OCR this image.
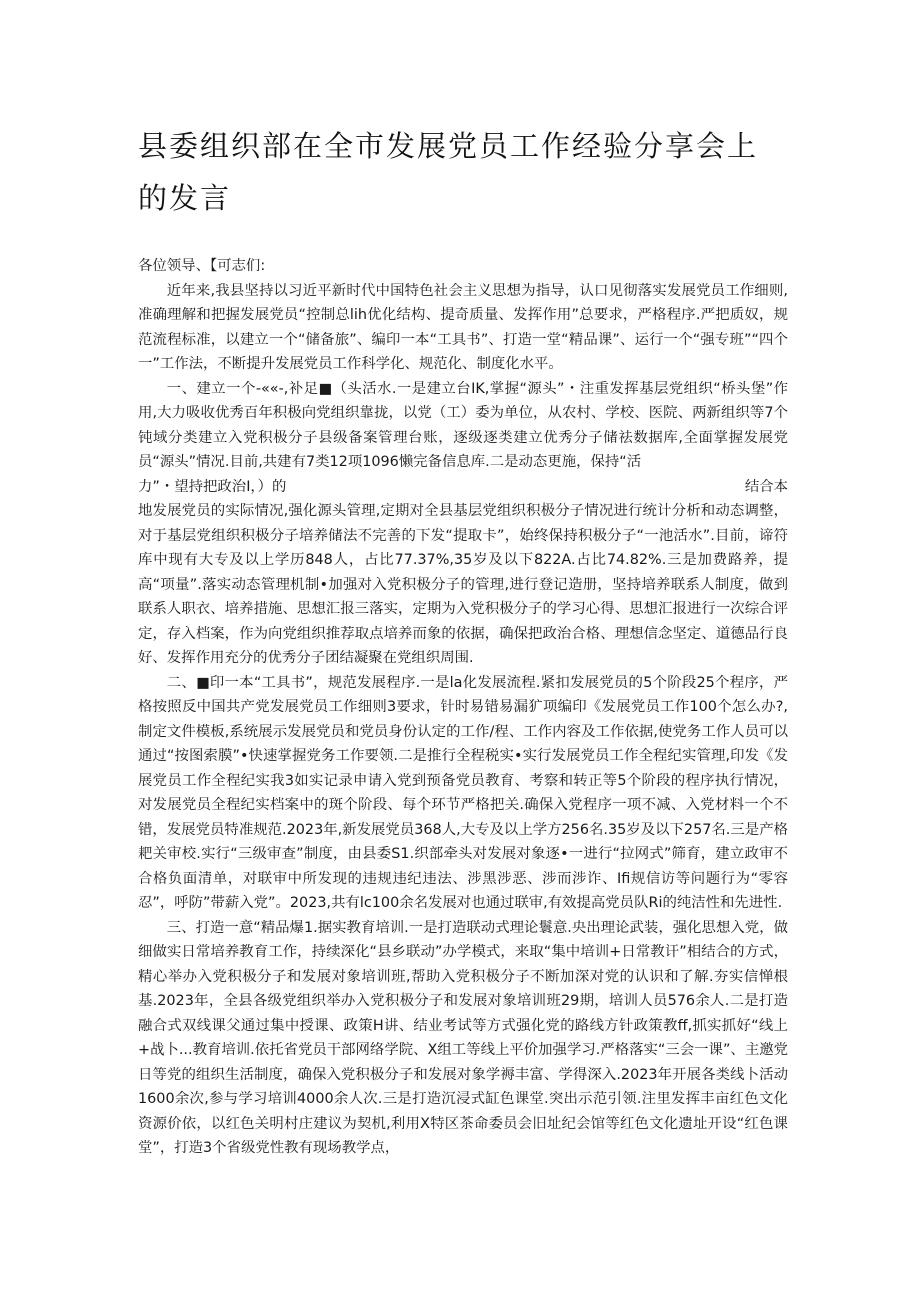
县委组织部在全市发展党员工作经验分享会上的发言

各位领导、【可志们:

近年来,我县坚持以习近平新时代中国特色社会主义思想为指导，认口见彻落实发展党员工作细则,准确理解和把握发展党员“控制总lih优化结构、提奇质量、发挥作用”总要求，严格程序.严把质奴，规范流程标准，以建立一个“储备旅”、编印一本“工具书”、打造一堂“精品课”、运行一个“强专班”“四个一”工作法，不断提升发展党员工作科学化、规范化、制度化水平。

一、建立一个-««-,补足■（头活水.一是建立台IK,掌握“源头”・注重发挥基层党组织“桥头堡”作用,大力吸收优秀百年积极向党组织靠拢，以党（工）委为单位，从农村、学校、医院、两新组织等7个钝域分类建立入党积极分子县级备案管理台账，逐级逐类建立优秀分子储祛数据库,全面掌握发展党员“源头”情况.目前,共建有7类12项1096懒完备信息库.二是动态更施，保持“活

力”・望持把政治I，）的	结合本

地发展党员的实际情况,强化源头管理,定期对全县基层党组织积极分子情况进行统计分析和动态调整，对于基层党组织积极分子培养储法不完善的下发“提取卡”，始终保持积极分子“一池活水”.目前，谛符库中现有大专及以上学历848人，占比77.37%,35岁及以下822A.占比74.82%.三是加费路养，提高“项量”.落实动态管理机制•加强对入党积极分子的管理,进行登记造册，坚持培养联系人制度，做到联系人职衣、培养措施、思想汇报三落实，定期为入党积极分子的学习心得、思想汇报进行一次综合评定，存入档案，作为向党组织推荐取点培养而象的依据，确保把政治合格、理想信念坚定、道德品行良好、发挥作用充分的优秀分子团结凝聚在党组织周围.

二、■印一本“工具书”，规范发展程序.一是la化发展流程.紧扣发展党员的5个阶段25个程序，严格按照反中国共产党发展党员工作细则3要求，针时易错易漏犷项编印《发展党员工作100个怎么办?,制定文件模板,系统展示发展党员和党员身份认定的工作/程、工作内容及工作依据,使党务工作人员可以通过“按图索膜”•快速掌握党务工作要领.二是推行全程税实•实行发展党员工作全程纪实管理,印发《发展党员工作全程纪实我3如实记录申请入党到预备党员教育、考察和转正等5个阶段的程序执行情况，对发展党员全程纪实档案中的斑个阶段、每个环节严格把关.确保入党程序一项不减、入党材料一个不错，发展党员特准规范.2023年,新发展党员368人,大专及以上学方256名.35岁及以下257名.三是产格耙关审校.实行“三级审查”制度，由县委S1.织部牵头对发展对象逐•一进行“拉网式”筛育，建立政审不合格负面清单，对联审中所发现的违规违纪违法、涉黑涉恶、涉而涉诈、Ifi规信访等问题行为“零容忍”，呼防”带薪入党”。2023,共有lc100余名发展对也通过联审,有效提高党员队Ri的纯洁性和先进性.

三、打造一意“精品爆1.据实教育培训.一是打造联动式理论鬟意.央出理论武装，强化思想入党，做细做实日常培养教育工作，持续深化“县乡联动”办学模式，来取“集中培训+日常教讦”相结合的方式，精心举办入党积极分子和发展对象培训班,帮助入党积极分子不断加深对党的认识和了解.夯实信惮根基.2023年，全县各级党组织举办入党积极分子和发展对象培训班29期，培训人员576余人.二是打造融合式双线课父通过集中授课、政策H讲、结业考试等方式强化党的路线方针政策教ff,抓实抓好“线上+战卜...教育培训.依托省党员干部网络学院、X组工等线上平价加强学习.严格落实“三会一课”、主邀党日等党的组织生活制度，确保入党积极分子和发展对象学褥丰富、学得深入.2023年开展各类线卜活动1600余次,参与学习培训4000余人次.三是打造沉浸式缸色课堂.突出示范引领.注里发挥丰亩红色文化资源价依，以红色关明村庄建议为契机,利用X特区茶命委员会旧址纪会馆等红色文化遗址开设“红色课堂”，打造3个省级党性教有现场教学点，
